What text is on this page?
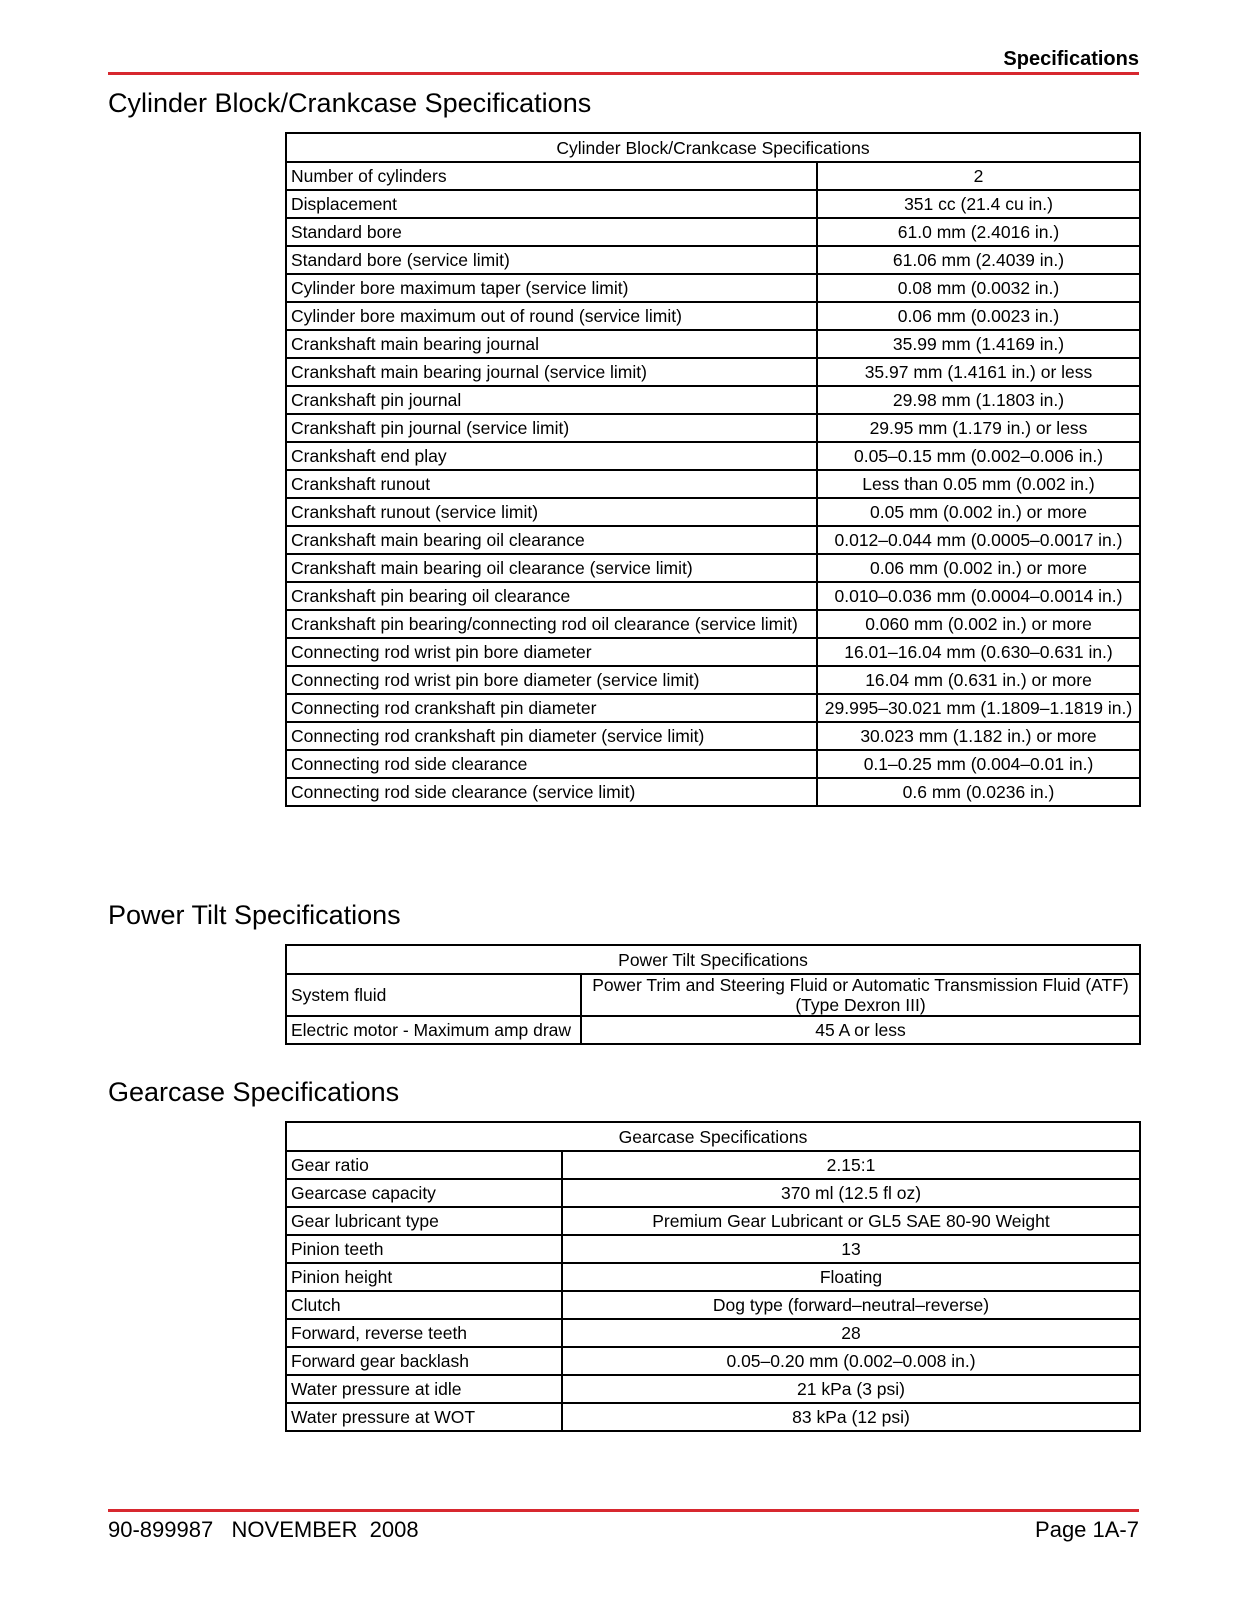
Specifications
Cylinder Block/Crankcase Specifications
Cylinder Block/Crankcase Specifications	
Number of cylinders	2
Displacement	351 cc (21.4 cu in.)
Standard bore	61.0 mm (2.4016 in.)
Standard bore (service limit)	61.06 mm (2.4039 in.)
Cylinder bore maximum taper (service limit)	0.08 mm (0.0032 in.)
Cylinder bore maximum out of round (service limit)	0.06 mm (0.0023 in.)
Crankshaft main bearing journal	35.99 mm (1.4169 in.)
Crankshaft main bearing journal (service limit)	35.97 mm (1.4161 in.) or less
Crankshaft pin journal	29.98 mm (1.1803 in.)
Crankshaft pin journal (service limit)	29.95 mm (1.179 in.) or less
Crankshaft end play	0.05–0.15 mm (0.002–0.006 in.)
Crankshaft runout	Less than 0.05 mm (0.002 in.)
Crankshaft runout (service limit)	0.05 mm (0.002 in.) or more
Crankshaft main bearing oil clearance	0.012–0.044 mm (0.0005–0.0017 in.)
Crankshaft main bearing oil clearance (service limit)	0.06 mm (0.002 in.) or more
Crankshaft pin bearing oil clearance	0.010–0.036 mm (0.0004–0.0014 in.)
Crankshaft pin bearing/connecting rod oil clearance (service limit)	0.060 mm (0.002 in.) or more
Connecting rod wrist pin bore diameter	16.01–16.04 mm (0.630–0.631 in.)
Connecting rod wrist pin bore diameter (service limit)	16.04 mm (0.631 in.) or more
Connecting rod crankshaft pin diameter	29.995–30.021 mm (1.1809–1.1819 in.)
Connecting rod crankshaft pin diameter (service limit)	30.023 mm (1.182 in.) or more
Connecting rod side clearance	0.1–0.25 mm (0.004–0.01 in.)
Connecting rod side clearance (service limit)	0.6 mm (0.0236 in.)
Power Tilt Specifications
Power Tilt Specifications	
System fluid	Power Trim and Steering Fluid or Automatic Transmission Fluid (ATF) (Type Dexron III)
Electric motor - Maximum amp draw	45 A or less
Gearcase Specifications
Gearcase Specifications	
Gear ratio	2.15:1
Gearcase capacity	370 ml (12.5 fl oz)
Gear lubricant type	Premium Gear Lubricant or GL5 SAE 80-90 Weight
Pinion teeth	13
Pinion height	Floating
Clutch	Dog type (forward–neutral–reverse)
Forward, reverse teeth	28
Forward gear backlash	0.05–0.20 mm (0.002–0.008 in.)
Water pressure at idle	21 kPa (3 psi)
Water pressure at WOT	83 kPa (12 psi)
90-899987   NOVEMBER  2008	Page 1A-7
